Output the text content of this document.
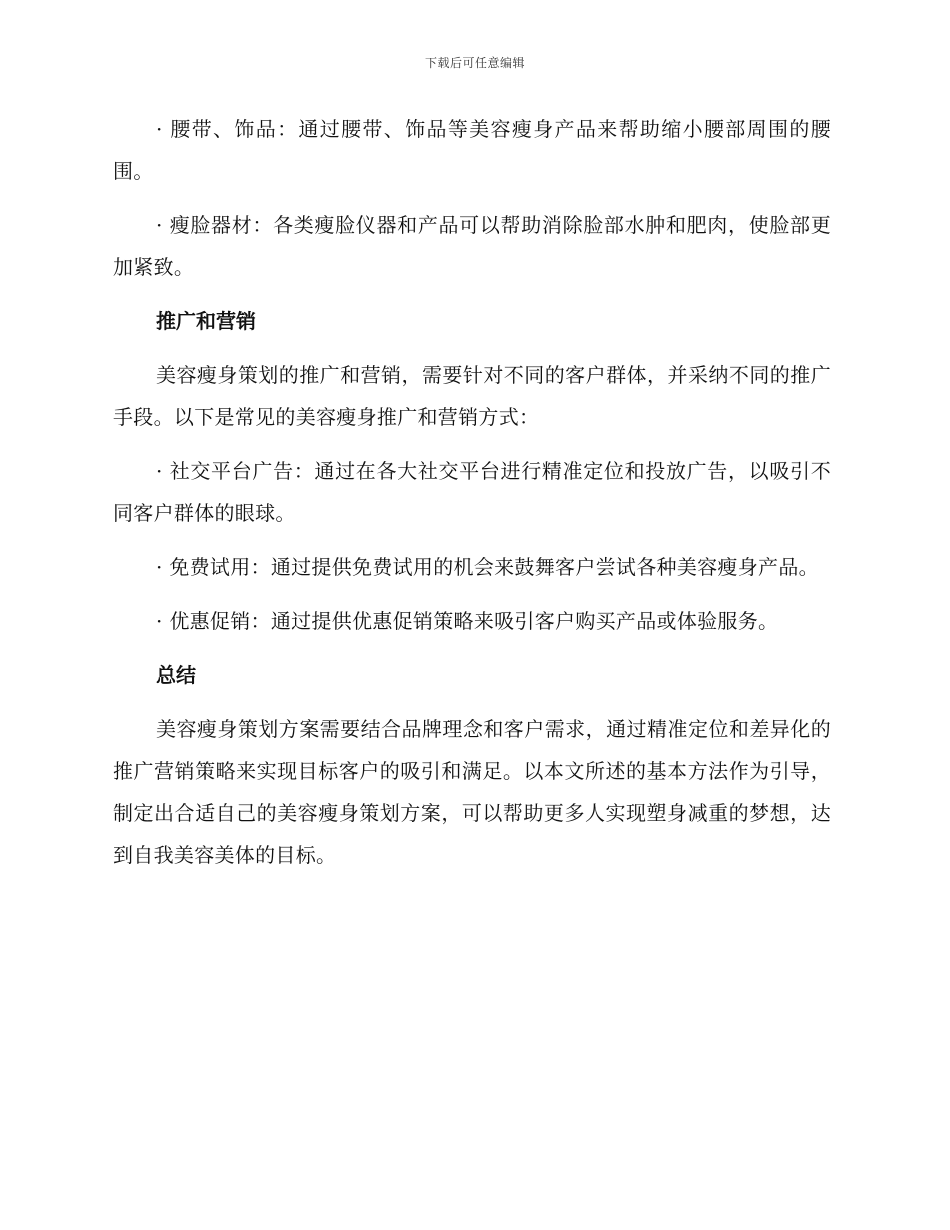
下载后可任意编辑

· 腰带、饰品：通过腰带、饰品等美容瘦身产品来帮助缩小腰部周围的腰围。

· 瘦脸器材：各类瘦脸仪器和产品可以帮助消除脸部水肿和肥肉，使脸部更加紧致。

推广和营销

美容瘦身策划的推广和营销，需要针对不同的客户群体，并采纳不同的推广手段。以下是常见的美容瘦身推广和营销方式：

· 社交平台广告：通过在各大社交平台进行精准定位和投放广告，以吸引不同客户群体的眼球。

· 免费试用：通过提供免费试用的机会来鼓舞客户尝试各种美容瘦身产品。

· 优惠促销：通过提供优惠促销策略来吸引客户购买产品或体验服务。

总结

美容瘦身策划方案需要结合品牌理念和客户需求，通过精准定位和差异化的推广营销策略来实现目标客户的吸引和满足。以本文所述的基本方法作为引导，制定出合适自己的美容瘦身策划方案，可以帮助更多人实现塑身减重的梦想，达到自我美容美体的目标。
